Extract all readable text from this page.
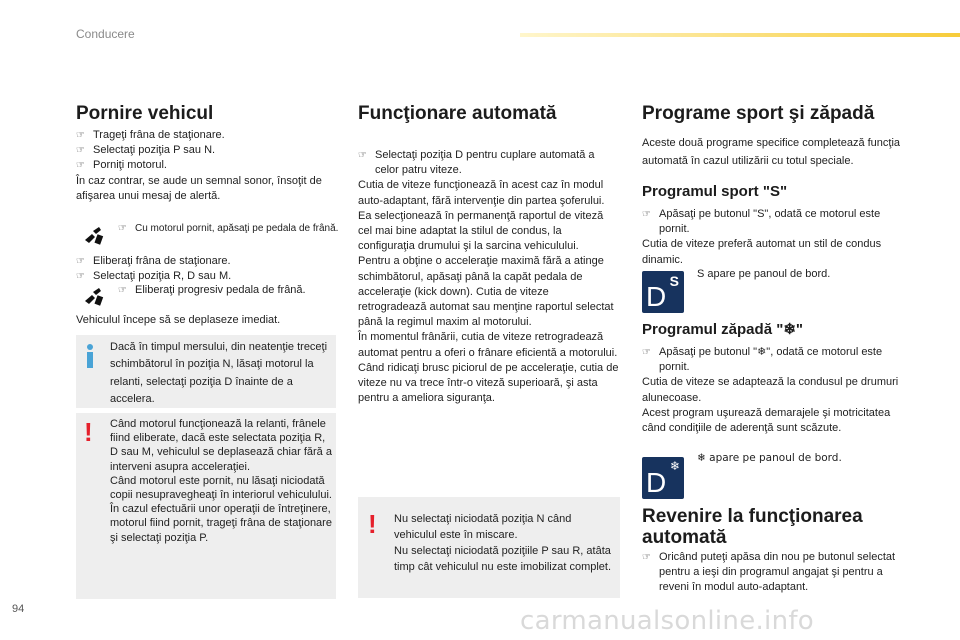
Conducere
Pornire vehicul
☞ Trageţi frâna de staţionare.
☞ Selectaţi poziţia P sau N.
☞ Porniţi motorul.
În caz contrar, se aude un semnal sonor, însoţit de afişarea unui mesaj de alertă.
☞ Cu motorul pornit, apăsaţi pe pedala de frână.
☞ Eliberaţi frâna de staţionare.
☞ Selectaţi poziţia R, D sau M.
☞ Eliberaţi progresiv pedala de frână.
Vehiculul începe să se deplaseze imediat.
Dacă în timpul mersului, din neatenţie treceţi schimbătorul în poziţia N, lăsaţi motorul la relanti, selectaţi poziţia D înainte de a accelera.
! Când motorul funcţionează la relanti, frânele fiind eliberate, dacă este selectata poziţia R, D sau M, vehiculul se deplasează chiar fără a interveni asupra acceleraţiei.
Când motorul este pornit, nu lăsaţi niciodată copii nesupravegheaţi în interiorul vehiculului.
În cazul efectuării unor operaţii de întreţinere, motorul fiind pornit, trageţi frâna de staţionare şi selectaţi poziţia P.
Funcţionare automată
☞ Selectaţi poziţia D pentru cuplare automată a celor patru viteze.
Cutia de viteze funcţionează în acest caz în modul auto-adaptant, fără intervenţie din partea şoferului. Ea selecţionează în permanenţă raportul de viteză cel mai bine adaptat la stilul de condus, la configuraţia drumului şi la sarcina vehiculului.
Pentru a obţine o acceleraţie maximă fără a atinge schimbătorul, apăsaţi până la capăt pedala de acceleraţie (kick down). Cutia de viteze retrogradează automat sau menţine raportul selectat până la regimul maxim al motorului.
În momentul frânării, cutia de viteze retrogradează automat pentru a oferi o frânare eficientă a motorului.
Când ridicaţi brusc piciorul de pe acceleraţie, cutia de viteze nu va trece într-o viteză superioară, şi asta pentru a ameliora siguranţa.
! Nu selectaţi niciodată poziţia N când vehiculul este în miscare.
Nu selectaţi niciodată poziţiile P sau R, atâta timp cât vehiculul nu este imobilizat complet.
Programe sport şi zăpadă
Aceste două programe specifice completează funcţia automată în cazul utilizării cu totul speciale.
Programul sport "S"
☞ Apăsaţi pe butonul "S", odată ce motorul este pornit.
Cutia de viteze preferă automat un stil de condus dinamic.
S
D
S apare pe panoul de bord.
Programul zăpadă "❄"
☞ Apăsaţi pe butonul "❄", odată ce motorul este pornit.
Cutia de viteze se adaptează la condusul pe drumuri alunecoase.
Acest program uşurează demarajele şi motricitatea când condiţiile de aderenţă sunt scăzute.
D
❄
❄ apare pe panoul de bord.
Revenire la funcţionarea automată
☞ Oricând puteţi apăsa din nou pe butonul selectat pentru a ieşi din programul angajat şi pentru a reveni în modul auto-adaptant.
94	carmanualsonline.info
